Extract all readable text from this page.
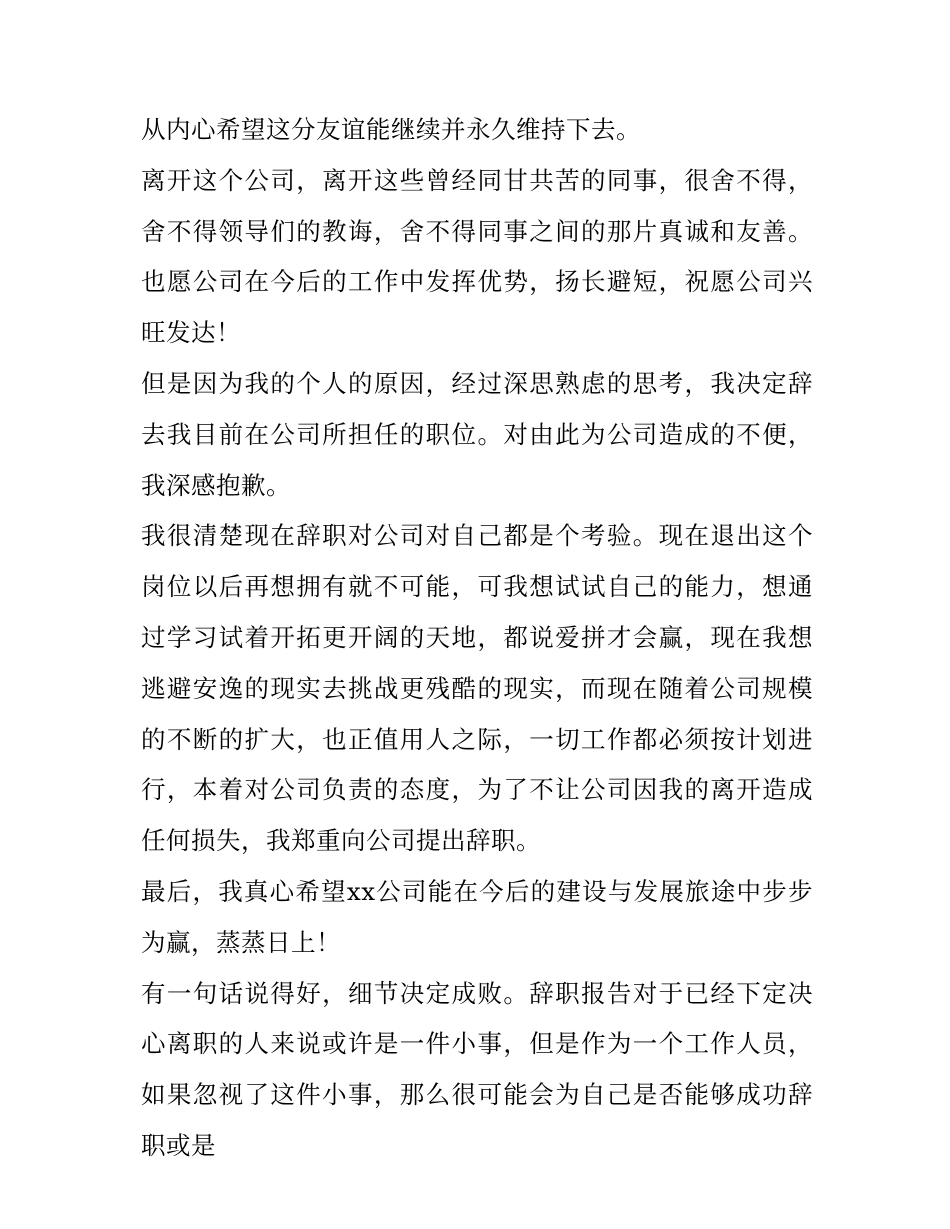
从内心希望这分友谊能继续并永久维持下去。

离开这个公司，离开这些曾经同甘共苦的同事，很舍不得，舍不得领导们的教诲，舍不得同事之间的那片真诚和友善。也愿公司在今后的工作中发挥优势，扬长避短，祝愿公司兴旺发达！

但是因为我的个人的原因，经过深思熟虑的思考，我决定辞去我目前在公司所担任的职位。对由此为公司造成的不便，我深感抱歉。

我很清楚现在辞职对公司对自己都是个考验。现在退出这个岗位以后再想拥有就不可能，可我想试试自己的能力，想通过学习试着开拓更开阔的天地，都说爱拼才会赢，现在我想逃避安逸的现实去挑战更残酷的现实，而现在随着公司规模的不断的扩大，也正值用人之际，一切工作都必须按计划进行，本着对公司负责的态度，为了不让公司因我的离开造成任何损失，我郑重向公司提出辞职。

最后，我真心希望xx公司能在今后的建设与发展旅途中步步为赢，蒸蒸日上！

有一句话说得好，细节决定成败。辞职报告对于已经下定决心离职的人来说或许是一件小事，但是作为一个工作人员，如果忽视了这件小事，那么很可能会为自己是否能够成功辞职或是
